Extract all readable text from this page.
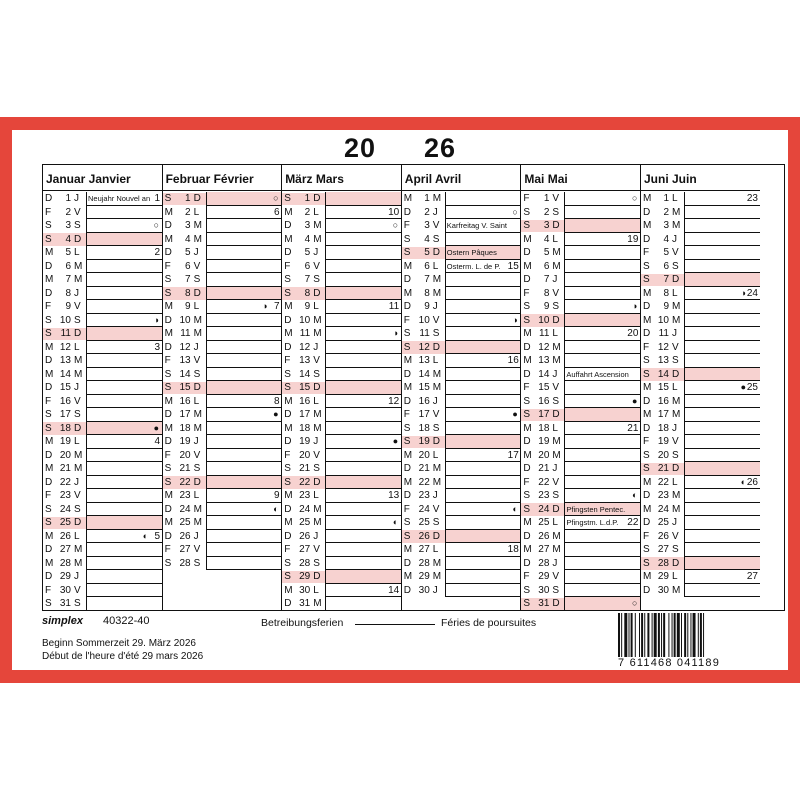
20 26
Januar Janvier
D	1 J	Neujahr Nouvel an 1
F	2 V
S	3 S	○
S	4 D
M	5 L	2
D	6 M
M	7 M
D	8 J
F	9 V
S 10 S	◑
S 11 D
M 12 L	3
D 13 M
M 14 M
D 15 J
F 16 V
S 17 S
S 18 D	●
M 19 L	4
D 20 M
M 21 M
D 22 J
F 23 V
S 24 S
S 25 D
M 26 L	◐ 5
D 27 M
M 28 M
D 29 J
F 30 V
S 31 S
Februar Février
S	1 D	○
M	2 L	6
D	3 M
M	4 M
D	5 J
F	6 V
S	7 S
S	8 D
M	9 L	◑ 7
D 10 M
M 11 M
D 12 J
F 13 V
S 14 S
S 15 D
M 16 L	8
D 17 M	●
M 18 M
D 19 J
F 20 V
S 21 S
S 22 D
M 23 L	9
D 24 M	◐
M 25 M
D 26 J
F 27 V
S 28 S
März Mars
S	1 D
M	2 L	10
D	3 M	○
M	4 M
D	5 J
F	6 V
S	7 S
S	8 D
M	9 L	11
D 10 M
M 11 M	◑
D 12 J
F 13 V
S 14 S
S 15 D
M 16 L	12
D 17 M
M 18 M
D 19 J	●
F 20 V
S 21 S
S 22 D
M 23 L	13
D 24 M
M 25 M	◐
D 26 J
F 27 V
S 28 S
S 29 D
M 30 L	14
D 31 M
April Avril
M	1 M
D	2 J	○
F	3 V Karfreitag V. Saint
S	4 S
S	5 D Ostern Pâques
M	6 L	Osterm. L. de P. 15
D	7 M
M	8 M
D	9 J
F 10 V	◑
S 11 S
S 12 D
M 13 L	16
D 14 M
M 15 M
D 16 J
F 17 V	●
S 18 S
S 19 D
M 20 L	17
D 21 M
M 22 M
D 23 J
F 24 V	◐
S 25 S
S 26 D
M 27 L	18
D 28 M
M 29 M
D 30 J
Mai Mai
F	1 V	○
S	2 S
S	3 D
M	4 L	19
D	5 M
M	6 M
D	7 J
F	8 V
S	9 S	◑
S 10 D
M 11 L	20
D 12 M
M 13 M
D 14 J	Auffahrt Ascension
F 15 V
S 16 S	●
S 17 D
M 18 L	21
D 19 M
M 20 M
D 21 J
F 22 V
S 23 S	◐
S 24 D Pfingsten Pentec.
M 25 L	Pfingstm. L.d.P. 22
D 26 M
M 27 M
D 28 J
F 29 V
S 30 S
S 31 D	○
Juni Juin
M	1 L	23
D	2 M
M	3 M
D	4 J
F	5 V
S	6 S
S	7 D
M	8 L	◑ 24
D	9 M
M 10 M
D 11 J
F 12 V
S 13 S
S 14 D
M 15 L	● 25
D 16 M
M 17 M
D 18 J
F 19 V
S 20 S
S 21 D
M 22 L	◐ 26
D 23 M
M 24 M
D 25 J
F 26 V
S 27 S
S 28 D
M 29 L	27
D 30 M
simplex 40322-40
Beginn Sommerzeit 29. März 2026
Début de l'heure d'été 29 mars 2026
Betreibungsferien	Féries de poursuites
7 611468 041189
